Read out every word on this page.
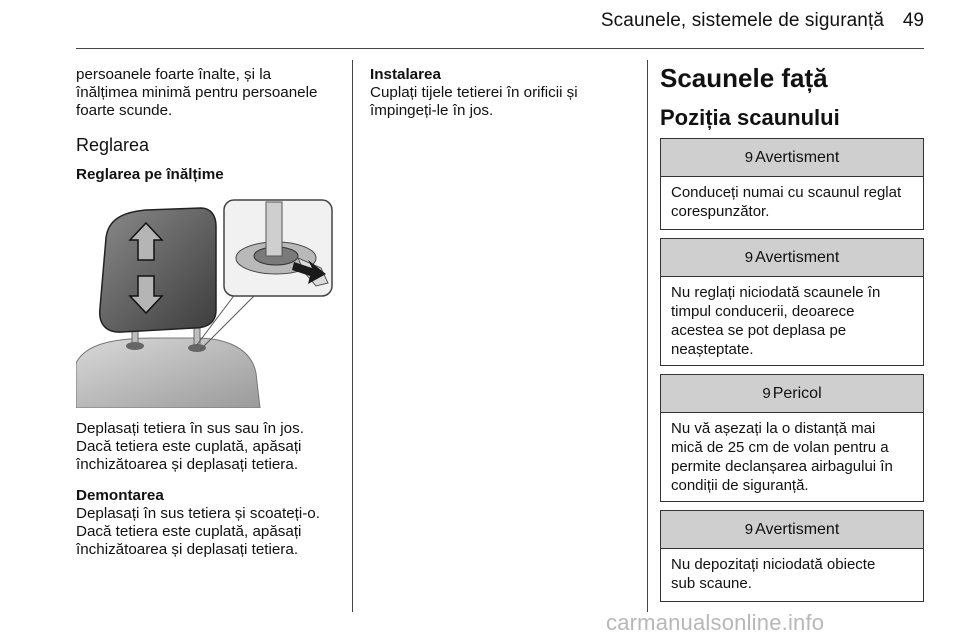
Scaunele, sistemele de siguranță 49
persoanele foarte înalte, și la
înălțimea minimă pentru persoanele
foarte scunde.
Reglarea
Reglarea pe înălțime
Deplasați tetiera în sus sau în jos.
Dacă tetiera este cuplată, apăsați
închizătoarea și deplasați tetiera.
Demontarea
Deplasați în sus tetiera și scoateți-o.
Dacă tetiera este cuplată, apăsați
închizătoarea și deplasați tetiera.
Instalarea
Cuplați tijele tetierei în orificii și
împingeți-le în jos.
Scaunele față
Poziția scaunului
9 Avertisment
Conduceți numai cu scaunul reglat
corespunzător.
9 Avertisment
Nu reglați niciodată scaunele în
timpul conducerii, deoarece
acestea se pot deplasa pe
neașteptate.
9 Pericol
Nu vă așezați la o distanță mai
mică de 25 cm de volan pentru a
permite declanșarea airbagului în
condiții de siguranță.
9 Avertisment
Nu depozitați niciodată obiecte
sub scaune.
carmanualsonline.info
